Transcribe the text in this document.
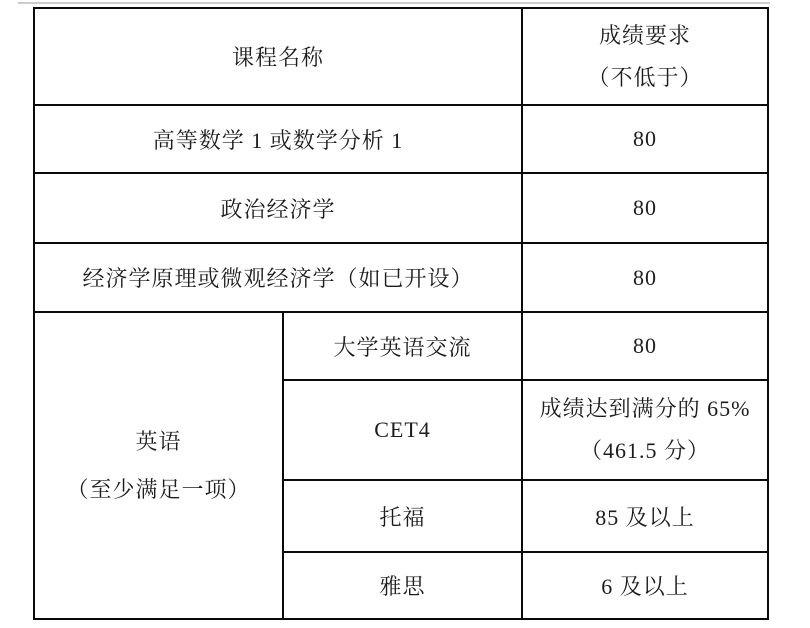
课程名称		成绩要求
（不低于）

高等数学 1 或数学分析 1		80
政治经济学		80
经济学原理或微观经济学（如已开设）		80

英语
（至少满足一项）	大学英语交流	80
	CET4	成绩达到满分的 65%
（461.5 分）

	托福	85 及以上
	雅思	6 及以上
